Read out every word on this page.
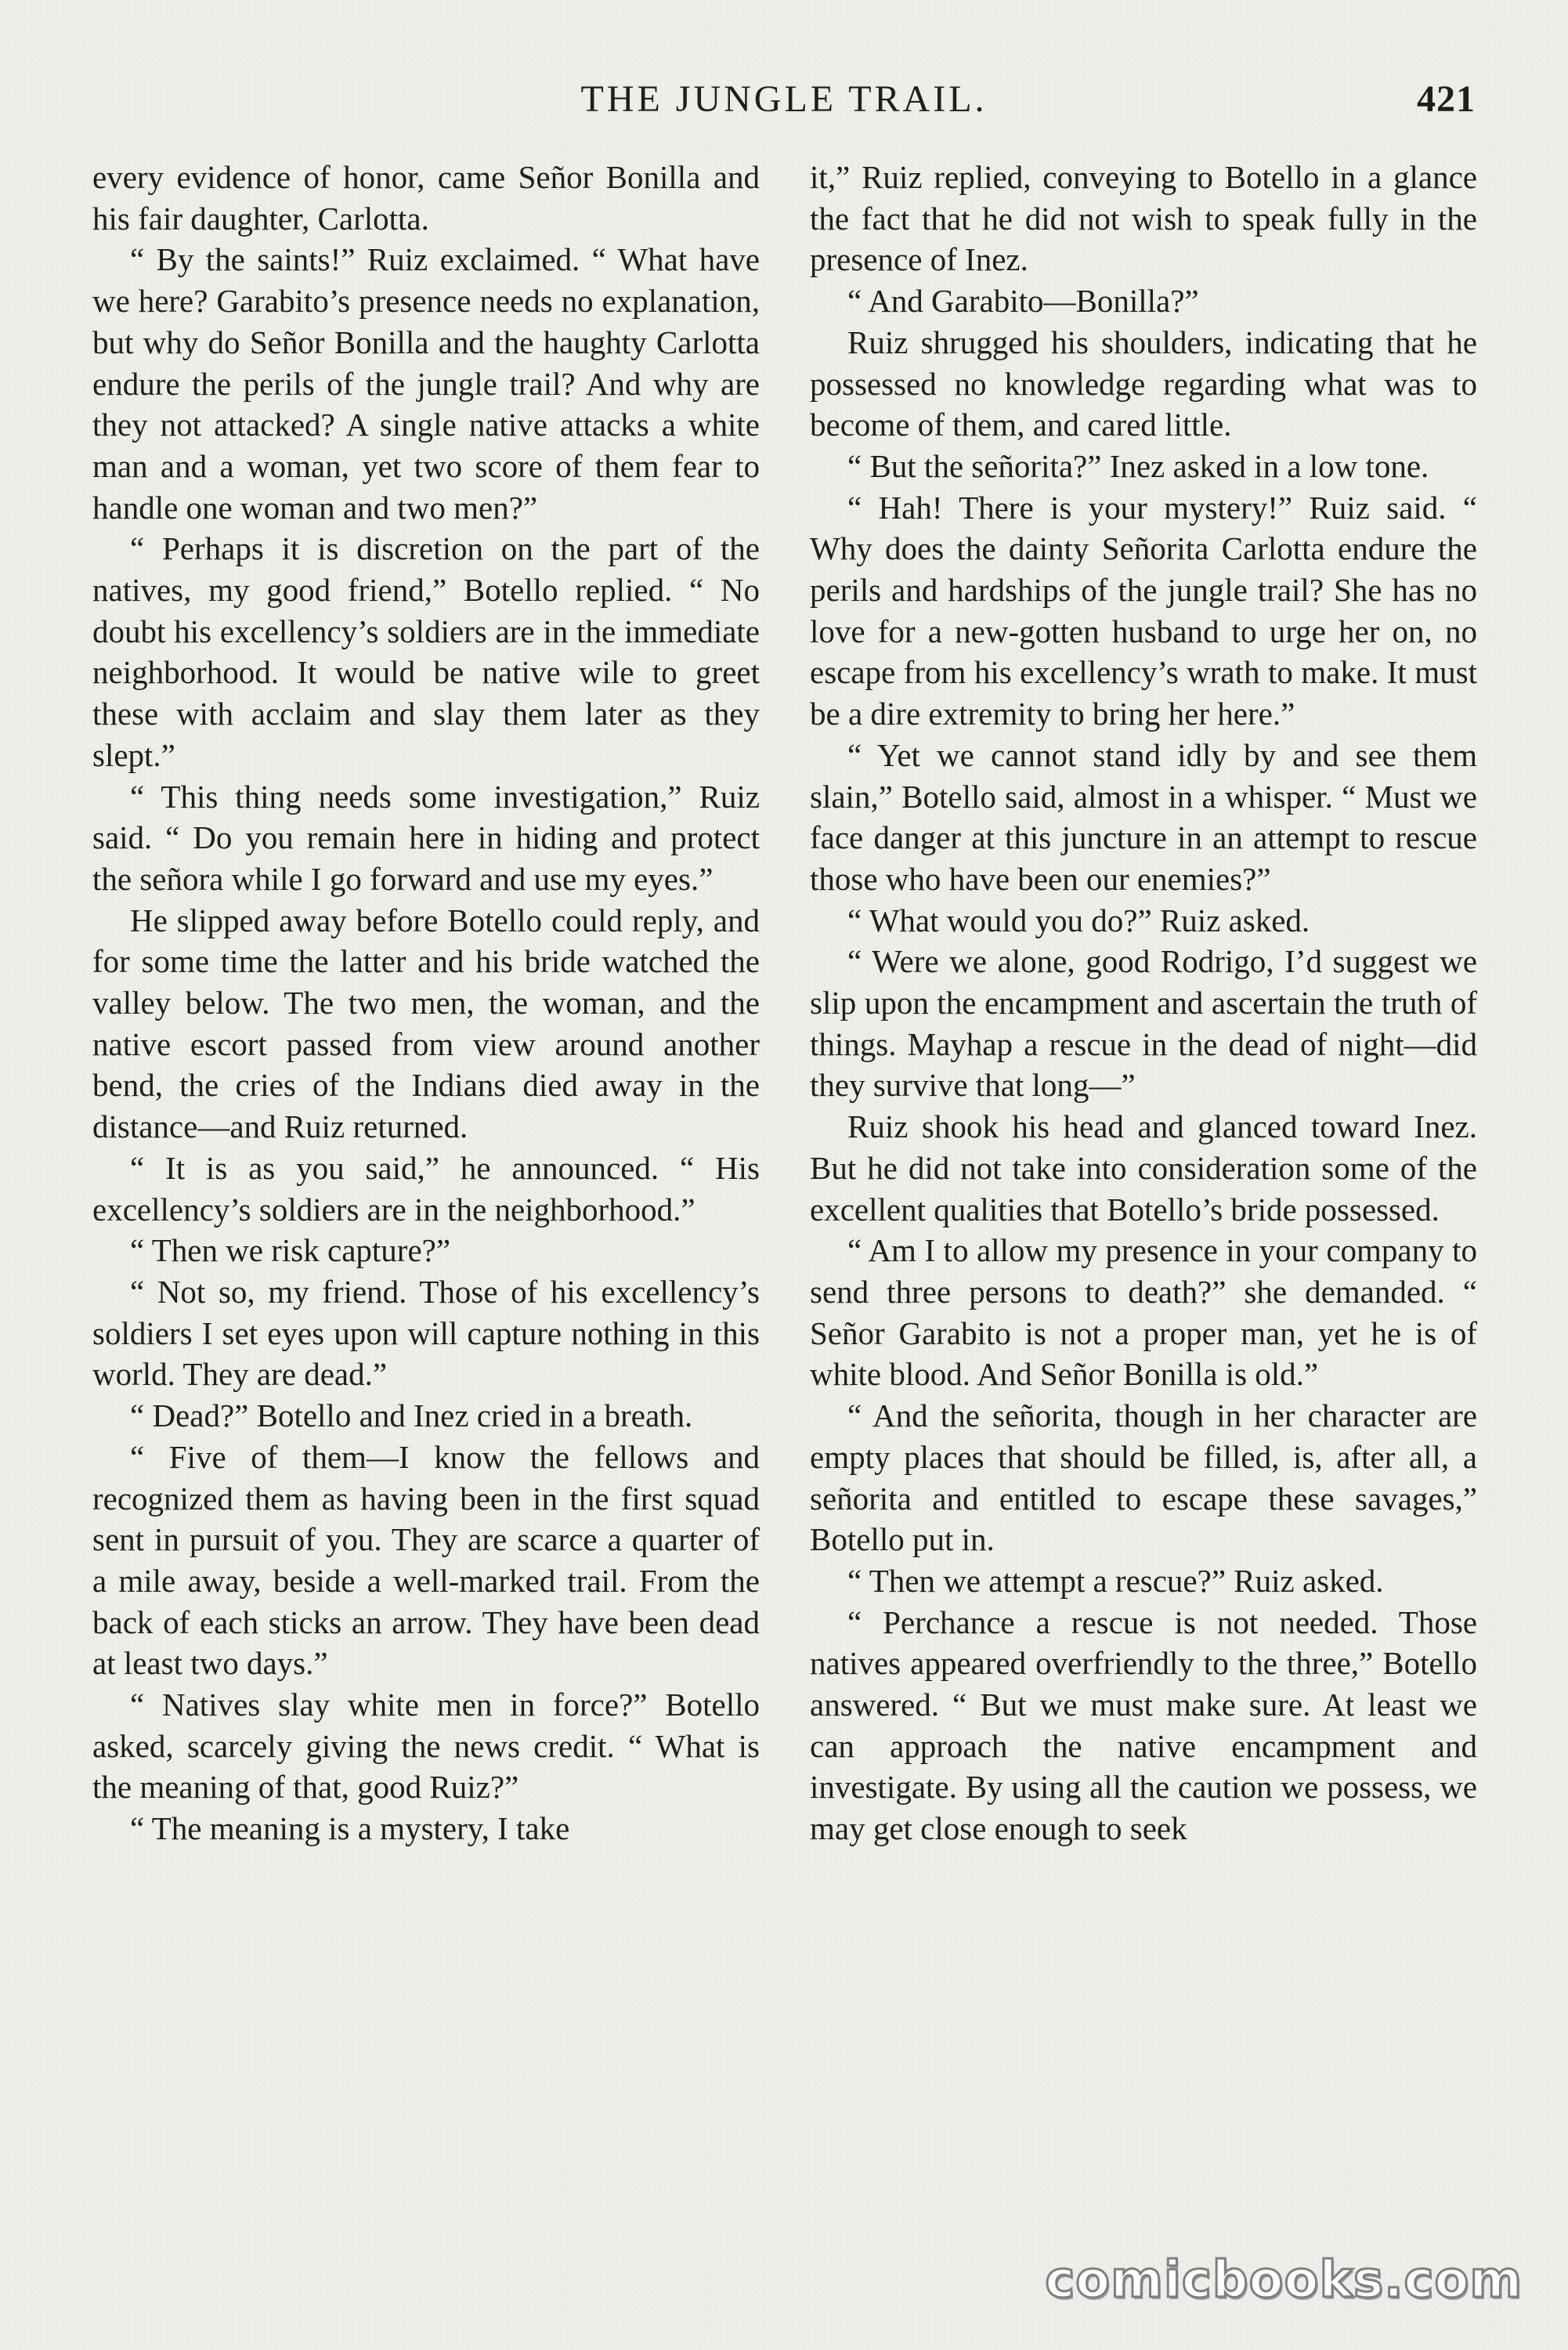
THE JUNGLE TRAIL.	421

every evidence of honor, came Señor Bonilla and his fair daughter, Carlotta.

“ By the saints!” Ruiz exclaimed. “ What have we here? Garabito’s presence needs no explanation, but why do Señor Bonilla and the haughty Carlotta endure the perils of the jungle trail? And why are they not attacked? A single native attacks a white man and a woman, yet two score of them fear to handle one woman and two men?”

“ Perhaps it is discretion on the part of the natives, my good friend,” Botello replied. “ No doubt his excellency’s soldiers are in the immediate neighborhood. It would be native wile to greet these with acclaim and slay them later as they slept.”

“ This thing needs some investigation,” Ruiz said. “ Do you remain here in hiding and protect the señora while I go forward and use my eyes.”

He slipped away before Botello could reply, and for some time the latter and his bride watched the valley below. The two men, the woman, and the native escort passed from view around another bend, the cries of the Indians died away in the distance—and Ruiz returned.

“ It is as you said,” he announced. “ His excellency’s soldiers are in the neighborhood.”

“ Then we risk capture?”

“ Not so, my friend. Those of his excellency’s soldiers I set eyes upon will capture nothing in this world. They are dead.”

“ Dead?” Botello and Inez cried in a breath.

“ Five of them—I know the fellows and recognized them as having been in the first squad sent in pursuit of you. They are scarce a quarter of a mile away, beside a well-marked trail. From the back of each sticks an arrow. They have been dead at least two days.”

“ Natives slay white men in force?” Botello asked, scarcely giving the news credit. “ What is the meaning of that, good Ruiz?”

“ The meaning is a mystery, I take

it,” Ruiz replied, conveying to Botello in a glance the fact that he did not wish to speak fully in the presence of Inez.

“ And Garabito—Bonilla?”

Ruiz shrugged his shoulders, indicating that he possessed no knowledge regarding what was to become of them, and cared little.

“ But the señorita?” Inez asked in a low tone.

“ Hah! There is your mystery!” Ruiz said. “ Why does the dainty Señorita Carlotta endure the perils and hardships of the jungle trail? She has no love for a new-gotten husband to urge her on, no escape from his excellency’s wrath to make. It must be a dire extremity to bring her here.”

“ Yet we cannot stand idly by and see them slain,” Botello said, almost in a whisper. “ Must we face danger at this juncture in an attempt to rescue those who have been our enemies?”

“ What would you do?” Ruiz asked.

“ Were we alone, good Rodrigo, I’d suggest we slip upon the encampment and ascertain the truth of things. Mayhap a rescue in the dead of night—did they survive that long—”

Ruiz shook his head and glanced toward Inez. But he did not take into consideration some of the excellent qualities that Botello’s bride possessed.

“ Am I to allow my presence in your company to send three persons to death?” she demanded. “ Señor Garabito is not a proper man, yet he is of white blood. And Señor Bonilla is old.”

“ And the señorita, though in her character are empty places that should be filled, is, after all, a señorita and entitled to escape these savages,” Botello put in.

“ Then we attempt a rescue?” Ruiz asked.

“ Perchance a rescue is not needed. Those natives appeared overfriendly to the three,” Botello answered. “ But we must make sure. At least we can approach the native encampment and investigate. By using all the caution we possess, we may get close enough to seek

comicbooks.com
